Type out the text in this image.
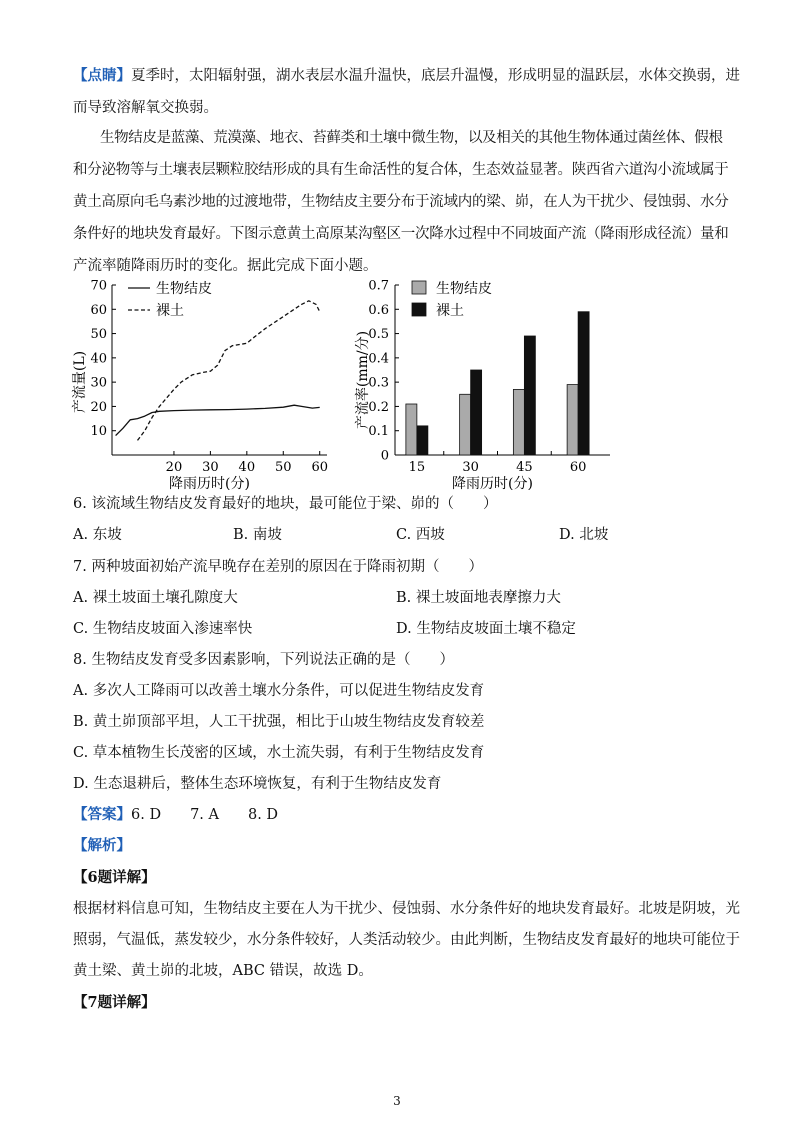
【点睛】夏季时，太阳辐射强，湖水表层水温升温快，底层升温慢，形成明显的温跃层，水体交换弱，进
而导致溶解氧交换弱。
生物结皮是蓝藻、荒漠藻、地衣、苔藓类和土壤中微生物，以及相关的其他生物体通过菌丝体、假根
和分泌物等与土壤表层颗粒胶结形成的具有生命活性的复合体，生态效益显著。陕西省六道沟小流域属于
黄土高原向毛乌素沙地的过渡地带，生物结皮主要分布于流域内的梁、峁，在人为干扰少、侵蚀弱、水分
条件好的地块发育最好。下图示意黄土高原某沟壑区一次降水过程中不同坡面产流（降雨形成径流）量和
产流率随降雨历时的变化。据此完成下面小题。
10
20
30
40
50
60
70
20 30 40 50 60
降雨历时(分)
产流量(L)
生物结皮
裸土
0
0.1
0.2
0.3
0.4
0.5
0.6
0.7
15	30	45	60
降雨历时(分)
产流率(mm/分)
生物结皮
裸土
6. 该流域生物结皮发育最好的地块，最可能位于梁、峁的（　　）
A. 东坡	B. 南坡	C. 西坡	D. 北坡
7. 两种坡面初始产流早晚存在差别的原因在于降雨初期（　　）
A. 裸土坡面土壤孔隙度大	B. 裸土坡面地表摩擦力大
C. 生物结皮坡面入渗速率快	D. 生物结皮坡面土壤不稳定
8. 生物结皮发育受多因素影响，下列说法正确的是（　　）
A. 多次人工降雨可以改善土壤水分条件，可以促进生物结皮发育
B. 黄土峁顶部平坦，人工干扰强，相比于山坡生物结皮发育较差
C. 草本植物生长茂密的区域，水土流失弱，有利于生物结皮发育
D. 生态退耕后，整体生态环境恢复，有利于生物结皮发育
【答案】6. D　　7. A　　8. D
【解析】
【6题详解】
根据材料信息可知，生物结皮主要在人为干扰少、侵蚀弱、水分条件好的地块发育最好。北坡是阴坡，光
照弱，气温低，蒸发较少，水分条件较好，人类活动较少。由此判断，生物结皮发育最好的地块可能位于
黄土梁、黄土峁的北坡，ABC 错误，故选 D。
【7题详解】
3
